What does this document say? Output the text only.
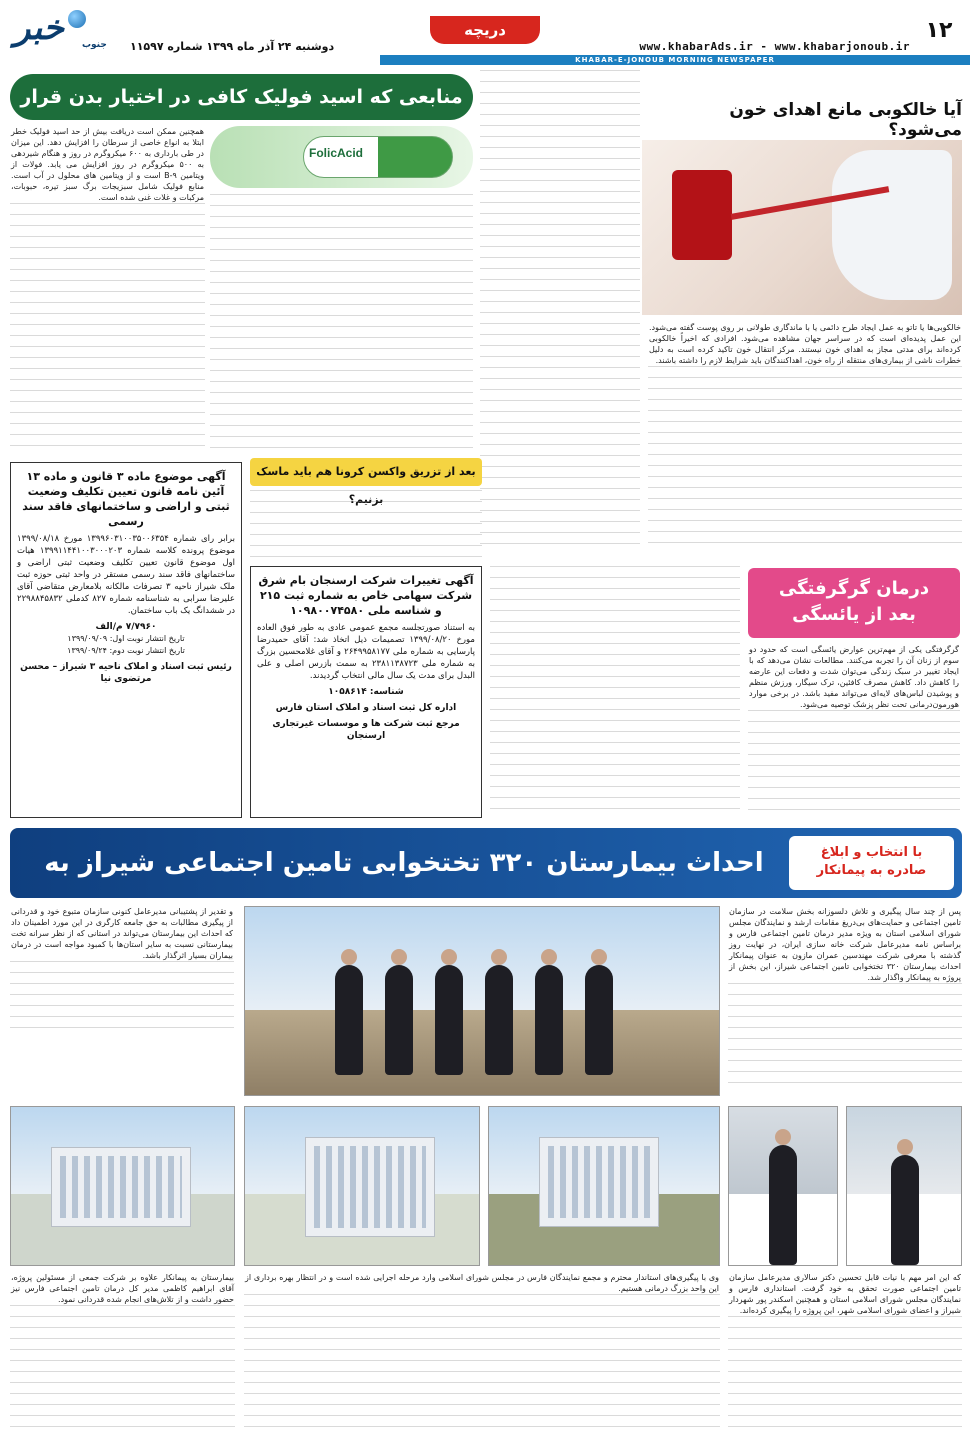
۱۲
www.khabarAds.ir - www.khabarjonoub.ir
دریچه
دوشنبه ۲۴ آذر ماه ۱۳۹۹ شماره ۱۱۵۹۷
خبر جنوب
KHABAR-E-JONOUB MORNING NEWSPAPER
منابعی که اسید فولیک کافی در اختیار بدن قرار
FolicAcid

همچنین ممکن است دریافت بیش از حد اسید فولیک خطر ابتلا به انواع خاصی از سرطان را افزایش دهد. این میزان در طی بارداری به ۶۰۰ میکروگرم در روز و هنگام شیردهی به ۵۰۰ میکروگرم در روز افزایش می یابد. فولات از ویتامین B-۹ است و از ویتامین های محلول در آب است. منابع فولیک شامل سبزیجات برگ سبز تیره، حبوبات، مرکبات و غلات غنی شده است.

آیا خالکوبی مانع اهدای خون می‌شود؟

خالکوبی‌ها یا تاتو به عمل ایجاد طرح دائمی یا با ماندگاری طولانی بر روی پوست گفته می‌شود. این عمل پدیده‌ای است که در سراسر جهان مشاهده می‌شود. افرادی که اخیراً خالکوبی کرده‌اند برای مدتی مجاز به اهدای خون نیستند. مرکز انتقال خون تاکید کرده است به دلیل خطرات ناشی از بیماری‌های منتقله از راه خون، اهداکنندگان باید شرایط لازم را داشته باشند.

بعد از تزریق واکسن کرونا هم باید ماسک بزنیم؟
آگهی موضوع ماده ۳ قانون و ماده ۱۳ آئین نامه قانون تعیین تکلیف وضعیت ثبتی و اراضی و ساختمانهای فاقد سند رسمی
برابر رای شماره ۱۳۹۹۶۰۳۱۰۰۳۵۰۰۶۳۵۴ مورخ ۱۳۹۹/۰۸/۱۸ موضوع پرونده کلاسه شماره ۱۳۹۹۱۱۴۴۱۰۰۳۰۰۰۲۰۳ هیات اول موضوع قانون تعیین تکلیف وضعیت ثبتی اراضی و ساختمانهای فاقد سند رسمی مستقر در واحد ثبتی حوزه ثبت ملک شیراز ناحیه ۳ تصرفات مالکانه بلامعارض متقاضی آقای علیرضا سرابی به شناسنامه شماره ۸۲۷ کدملی ۲۲۹۸۸۴۵۸۳۲ در ششدانگ یک باب ساختمان.
۷/۷۹۶۰ م/الف
تاریخ انتشار نوبت اول: ۱۳۹۹/۰۹/۰۹
تاریخ انتشار نوبت دوم: ۱۳۹۹/۰۹/۲۴
رئیس ثبت اسناد و املاک ناحیه ۳ شیراز – محسن مرتضوی نیا
آگهی تغییرات شرکت ارسنجان بام شرق شرکت سهامی خاص به شماره ثبت ۲۱۵ و شناسه ملی ۱۰۹۸۰۰۷۴۵۸۰
به استناد صورتجلسه مجمع عمومی عادی به طور فوق العاده مورخ ۱۳۹۹/۰۸/۲۰ تصمیمات ذیل اتخاذ شد: آقای حمیدرضا پارسایی به شماره ملی ۲۶۴۹۹۵۸۱۷۷ و آقای غلامحسین بزرگ به شماره ملی ۲۳۸۱۱۳۸۷۲۳ به سمت بازرس اصلی و علی البدل برای مدت یک سال مالی انتخاب گردیدند.
شناسه: ۱۰۵۸۶۱۴
اداره کل ثبت اسناد و املاک استان فارس
مرجع ثبت شرکت ها و موسسات غیرتجاری ارسنجان
درمان گرگرفتگی
بعد از یائسگی

گرگرفتگی یکی از مهم‌ترین عوارض یائسگی است که حدود دو سوم از زنان آن را تجربه می‌کنند. مطالعات نشان می‌دهد که با ایجاد تغییر در سبک زندگی می‌توان شدت و دفعات این عارضه را کاهش داد. کاهش مصرف کافئین، ترک سیگار، ورزش منظم و پوشیدن لباس‌های لایه‌ای می‌تواند مفید باشد. در برخی موارد هورمون‌درمانی تحت نظر پزشک توصیه می‌شود.

احداث بیمارستان ۳۲۰ تختخوابی تامین اجتماعی شیراز به	با انتخاب و ابلاغ
صادره به پیمانکار

پس از چند سال پیگیری و تلاش دلسوزانه بخش سلامت در سازمان تامین اجتماعی و حمایت‌های بی‌دریغ مقامات ارشد و نمایندگان مجلس شورای اسلامی استان به ویژه مدیر درمان تامین اجتماعی فارس و براساس نامه مدیرعامل شرکت خانه سازی ایران، در نهایت روز گذشته با معرفی شرکت مهندسین عمران مازون به عنوان پیمانکار احداث بیمارستان ۳۲۰ تختخوابی تامین اجتماعی شیراز، این بخش از پروژه به پیمانکار واگذار شد.

و تقدیر از پشتیبانی مدیرعامل کنونی سازمان متبوع خود و قدردانی از پیگیری مطالبات به حق جامعه کارگری در این مورد اطمینان داد که احداث این بیمارستان می‌تواند در استانی که از نظر سرانه تخت بیمارستانی نسبت به سایر استان‌ها با کمبود مواجه است در درمان بیماران بسیار اثرگذار باشد.

که این امر مهم با نیات قابل تحسین دکتر سالاری مدیرعامل سازمان تامین اجتماعی صورت تحقق به خود گرفت. استانداری فارس و نمایندگان مجلس شورای اسلامی استان و همچنین اسکندر پور شهردار شیراز و اعضای شورای اسلامی شهر، این پروژه را پیگیری کرده‌اند.

وی با پیگیری‌های استاندار محترم و مجمع نمایندگان فارس در مجلس شورای اسلامی وارد مرحله اجرایی شده است و در انتظار بهره برداری از این واحد بزرگ درمانی هستیم.

بیمارستان به پیمانکار علاوه بر شرکت جمعی از مسئولین پروژه، آقای ابراهیم کاظمی مدیر کل درمان تامین اجتماعی فارس نیز حضور داشت و از تلاش‌های انجام شده قدردانی نمود.
